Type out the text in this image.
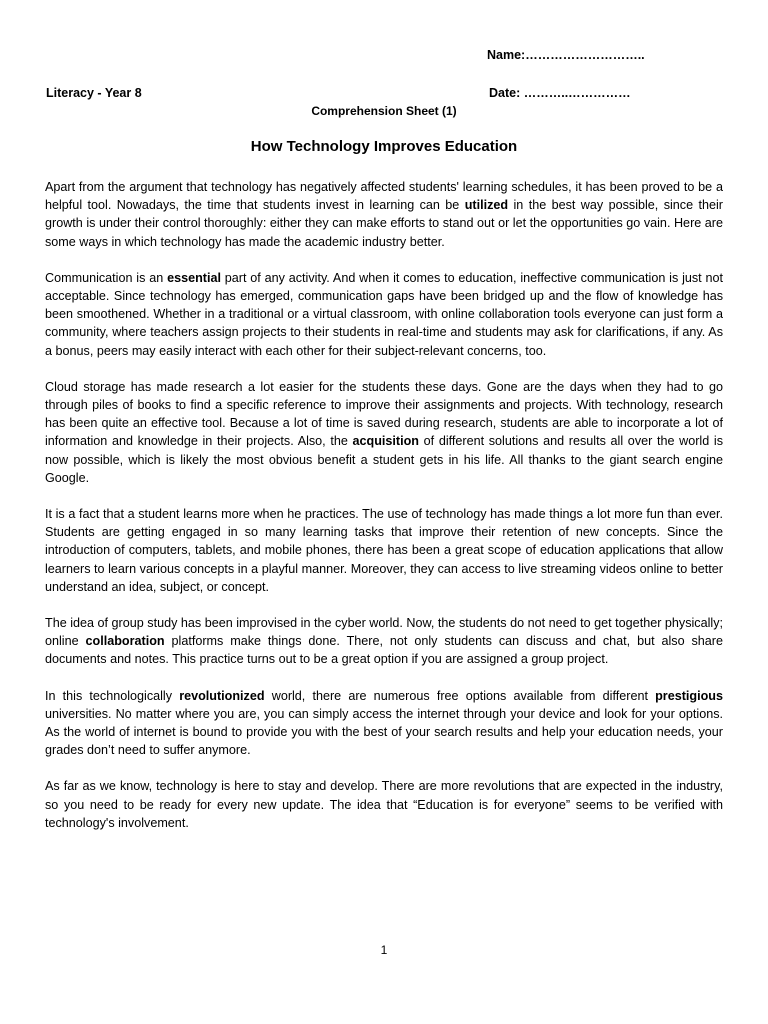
Name:………………………..
Literacy - Year 8	Date: ………..……………
Comprehension Sheet (1)
How Technology Improves Education

Apart from the argument that technology has negatively affected students' learning schedules, it has been proved to be a helpful tool. Nowadays, the time that students invest in learning can be utilized in the best way possible, since their growth is under their control thoroughly: either they can make efforts to stand out or let the opportunities go vain. Here are some ways in which technology has made the academic industry better.

Communication is an essential part of any activity. And when it comes to education, ineffective communication is just not acceptable. Since technology has emerged, communication gaps have been bridged up and the flow of knowledge has been smoothened. Whether in a traditional or a virtual classroom, with online collaboration tools everyone can just form a community, where teachers assign projects to their students in real-time and students may ask for clarifications, if any. As a bonus, peers may easily interact with each other for their subject-relevant concerns, too.

Cloud storage has made research a lot easier for the students these days. Gone are the days when they had to go through piles of books to find a specific reference to improve their assignments and projects. With technology, research has been quite an effective tool. Because a lot of time is saved during research, students are able to incorporate a lot of information and knowledge in their projects. Also, the acquisition of different solutions and results all over the world is now possible, which is likely the most obvious benefit a student gets in his life. All thanks to the giant search engine Google.

It is a fact that a student learns more when he practices. The use of technology has made things a lot more fun than ever. Students are getting engaged in so many learning tasks that improve their retention of new concepts. Since the introduction of computers, tablets, and mobile phones, there has been a great scope of education applications that allow learners to learn various concepts in a playful manner. Moreover, they can access to live streaming videos online to better understand an idea, subject, or concept.

The idea of group study has been improvised in the cyber world. Now, the students do not need to get together physically; online collaboration platforms make things done. There, not only students can discuss and chat, but also share documents and notes. This practice turns out to be a great option if you are assigned a group project.

In this technologically revolutionized world, there are numerous free options available from different prestigious universities. No matter where you are, you can simply access the internet through your device and look for your options. As the world of internet is bound to provide you with the best of your search results and help your education needs, your grades don’t need to suffer anymore.

As far as we know, technology is here to stay and develop. There are more revolutions that are expected in the industry, so you need to be ready for every new update. The idea that “Education is for everyone” seems to be verified with technology's involvement.

1
